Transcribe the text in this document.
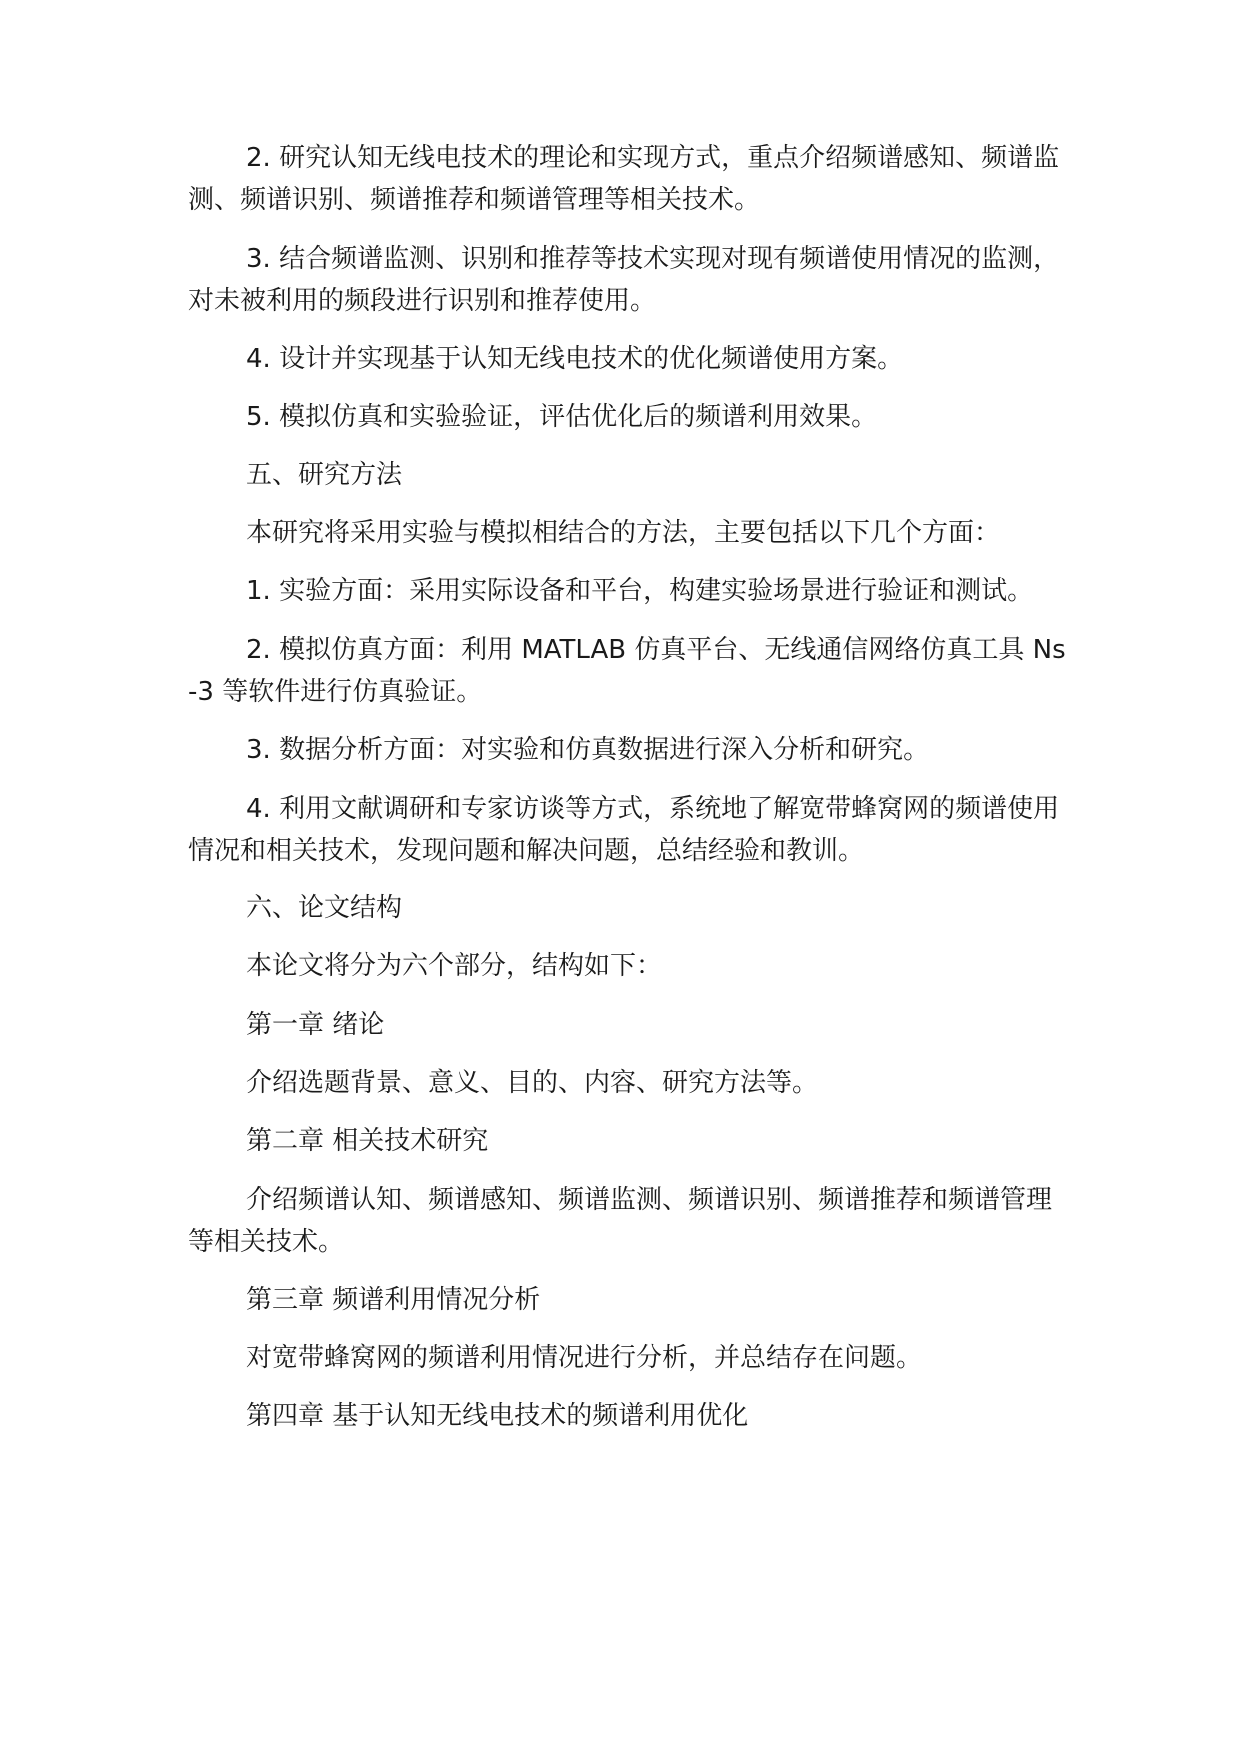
2. 研究认知无线电技术的理论和实现方式，重点介绍频谱感知、频谱监测、频谱识别、频谱推荐和频谱管理等相关技术。

3. 结合频谱监测、识别和推荐等技术实现对现有频谱使用情况的监测，对未被利用的频段进行识别和推荐使用。

4. 设计并实现基于认知无线电技术的优化频谱使用方案。

5. 模拟仿真和实验验证，评估优化后的频谱利用效果。

五、研究方法

本研究将采用实验与模拟相结合的方法，主要包括以下几个方面：

1. 实验方面：采用实际设备和平台，构建实验场景进行验证和测试。

2. 模拟仿真方面：利用 MATLAB 仿真平台、无线通信网络仿真工具 Ns-3 等软件进行仿真验证。

3. 数据分析方面：对实验和仿真数据进行深入分析和研究。

4. 利用文献调研和专家访谈等方式，系统地了解宽带蜂窝网的频谱使用情况和相关技术，发现问题和解决问题，总结经验和教训。

六、论文结构

本论文将分为六个部分，结构如下：

第一章 绪论

介绍选题背景、意义、目的、内容、研究方法等。

第二章 相关技术研究

介绍频谱认知、频谱感知、频谱监测、频谱识别、频谱推荐和频谱管理等相关技术。

第三章 频谱利用情况分析

对宽带蜂窝网的频谱利用情况进行分析，并总结存在问题。

第四章 基于认知无线电技术的频谱利用优化
